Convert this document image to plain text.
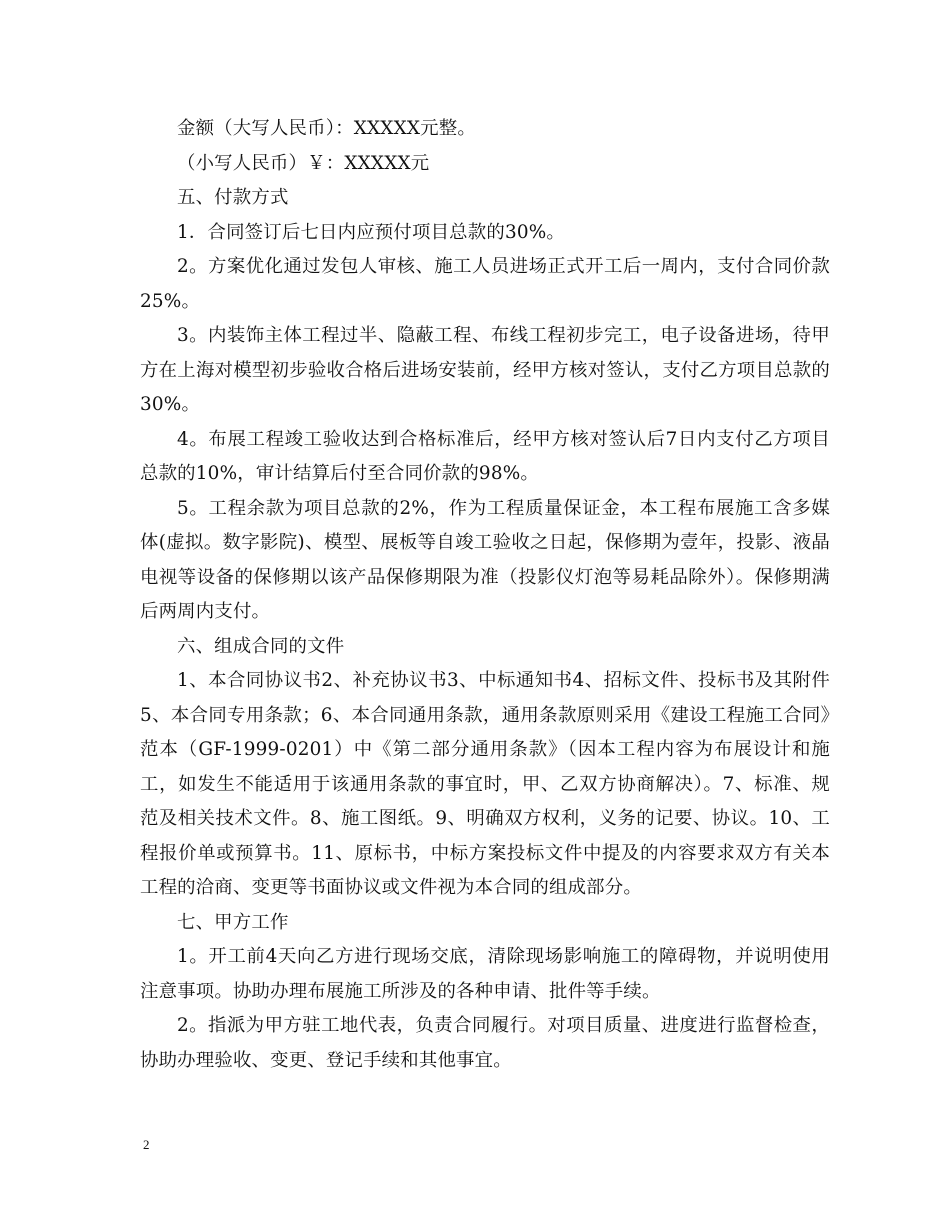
金额（大写人民币）：XXXXX元整。

（小写人民币）￥：XXXXX元

五、付款方式

1．合同签订后七日内应预付项目总款的30%。

2。方案优化通过发包人审核、施工人员进场正式开工后一周内，支付合同价款25%。

3。内装饰主体工程过半、隐蔽工程、布线工程初步完工，电子设备进场，待甲方在上海对模型初步验收合格后进场安装前，经甲方核对签认，支付乙方项目总款的30%。

4。布展工程竣工验收达到合格标准后，经甲方核对签认后7日内支付乙方项目总款的10%，审计结算后付至合同价款的98%。

5。工程余款为项目总款的2%，作为工程质量保证金，本工程布展施工含多媒体(虚拟。数字影院)、模型、展板等自竣工验收之日起，保修期为壹年，投影、液晶电视等设备的保修期以该产品保修期限为准（投影仪灯泡等易耗品除外）。保修期满后两周内支付。

六、组成合同的文件

1、本合同协议书2、补充协议书3、中标通知书4、招标文件、投标书及其附件5、本合同专用条款；6、本合同通用条款，通用条款原则采用《建设工程施工合同》范本（GF-1999-0201）中《第二部分通用条款》（因本工程内容为布展设计和施工，如发生不能适用于该通用条款的事宜时，甲、乙双方协商解决）。7、标准、规范及相关技术文件。8、施工图纸。9、明确双方权利，义务的记要、协议。10、工程报价单或预算书。11、原标书，中标方案投标文件中提及的内容要求双方有关本工程的洽商、变更等书面协议或文件视为本合同的组成部分。

七、甲方工作

1。开工前4天向乙方进行现场交底，清除现场影响施工的障碍物，并说明使用注意事项。协助办理布展施工所涉及的各种申请、批件等手续。

2。指派为甲方驻工地代表，负责合同履行。对项目质量、进度进行监督检查，协助办理验收、变更、登记手续和其他事宜。

2
